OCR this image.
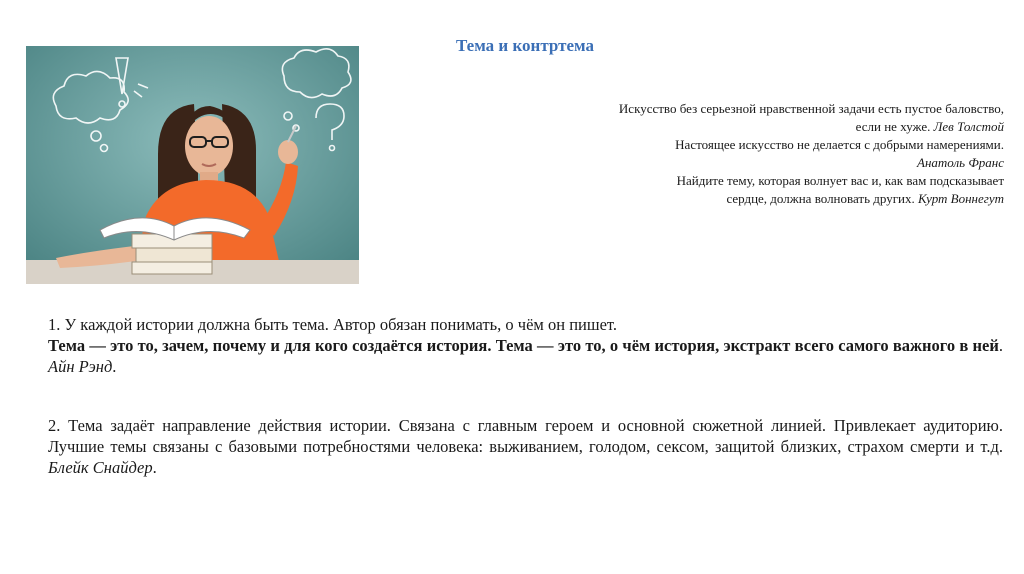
Тема и контртема
Искусство без серьезной нравственной задачи есть пустое баловство,
если не хуже. Лев Толстой
Настоящее искусство не делается с добрыми намерениями.
Анатоль Франс
Найдите тему, которая волнует вас и, как вам подсказывает
сердце, должна волновать других. Курт Воннегут
1. У каждой истории должна быть тема. Автор обязан понимать, о чём он пишет.
Тема — это то, зачем, почему и для кого создаётся история. Тема — это то, о чём история, экстракт всего самого важного в ней. Айн Рэнд.
2. Тема задаёт направление действия истории. Связана с главным героем и основной сюжетной линией. Привлекает аудиторию. Лучшие темы связаны с базовыми потребностями человека: выживанием, голодом, сексом, защитой близких, страхом смерти и т.д. Блейк Снайдер.
